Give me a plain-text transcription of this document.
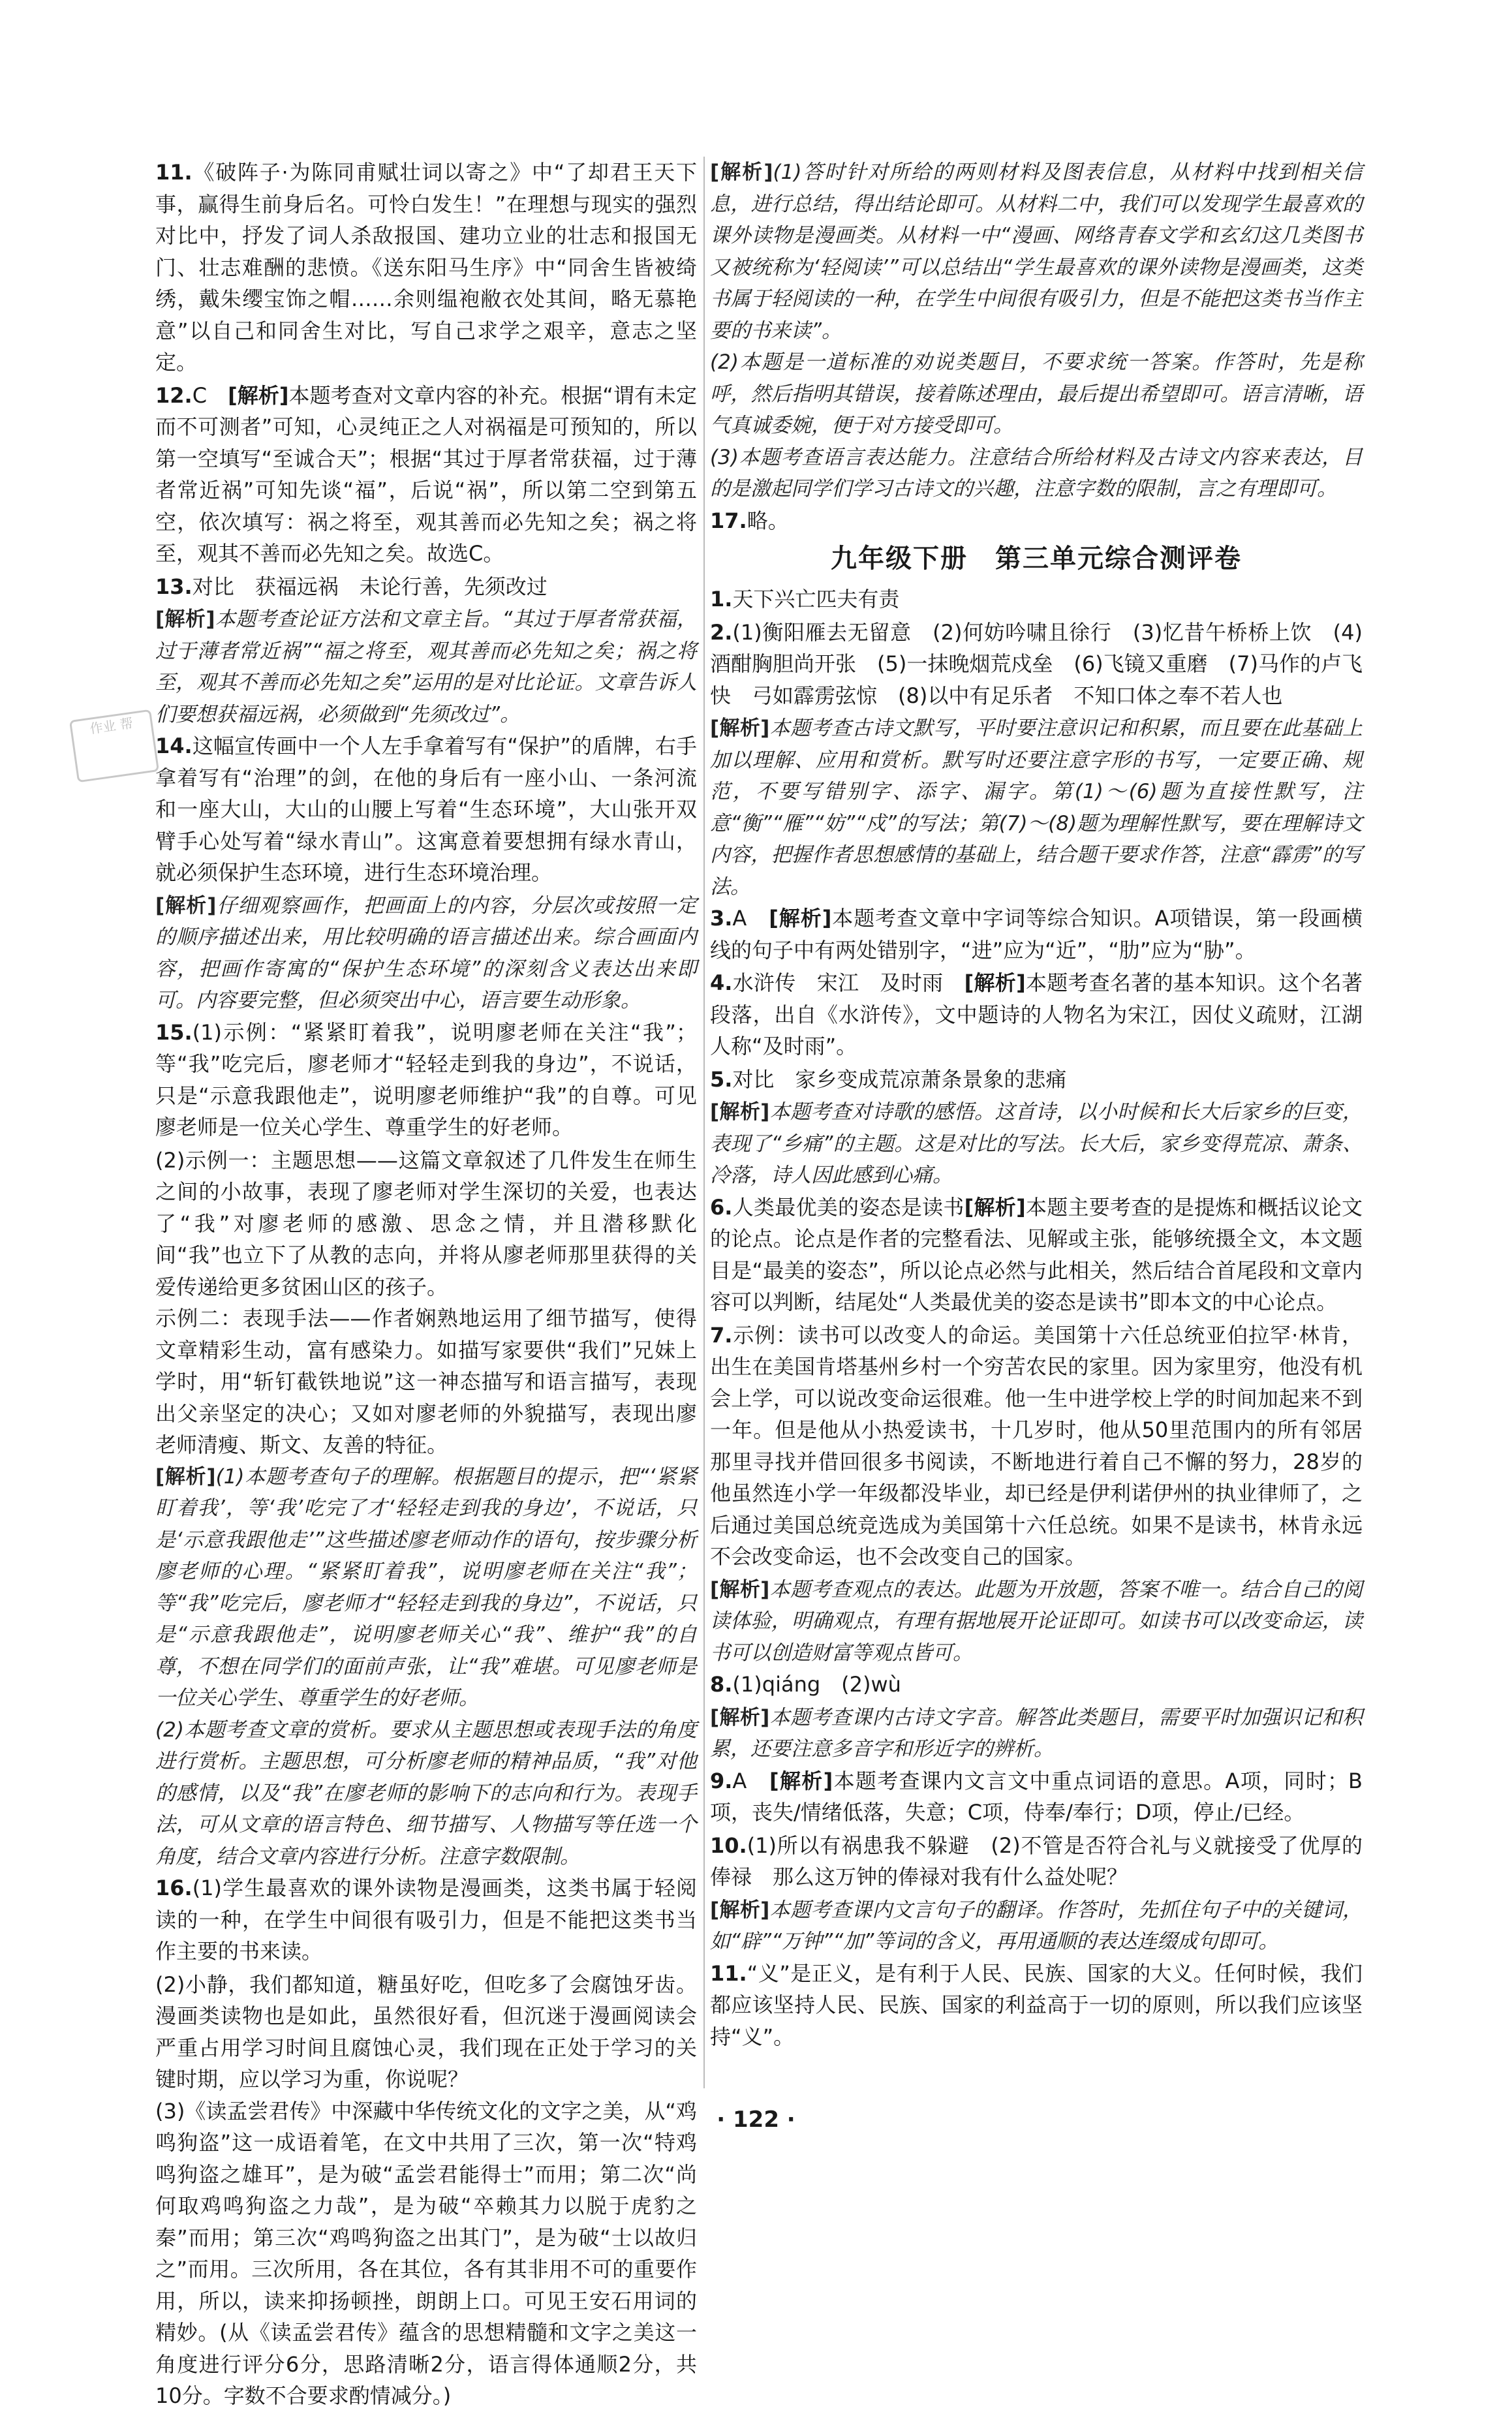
作业 帮

11.《破阵子·为陈同甫赋壮词以寄之》中“了却君王天下事，赢得生前身后名。可怜白发生！”在理想与现实的强烈对比中，抒发了词人杀敌报国、建功立业的壮志和报国无门、壮志难酬的悲愤。《送东阳马生序》中“同舍生皆被绮绣，戴朱缨宝饰之帽……余则缊袍敝衣处其间，略无慕艳意”以自己和同舍生对比，写自己求学之艰辛，意志之坚定。

12.C　[解析]本题考查对文章内容的补充。根据“谓有未定而不可测者”可知，心灵纯正之人对祸福是可预知的，所以第一空填写“至诚合天”；根据“其过于厚者常获福，过于薄者常近祸”可知先谈“福”，后说“祸”，所以第二空到第五空，依次填写：祸之将至，观其善而必先知之矣；祸之将至，观其不善而必先知之矣。故选C。

13.对比　获福远祸　未论行善，先须改过

[解析]本题考查论证方法和文章主旨。“其过于厚者常获福，过于薄者常近祸”“福之将至，观其善而必先知之矣；祸之将至，观其不善而必先知之矣”运用的是对比论证。文章告诉人们要想获福远祸，必须做到“先须改过”。

14.这幅宣传画中一个人左手拿着写有“保护”的盾牌，右手拿着写有“治理”的剑，在他的身后有一座小山、一条河流和一座大山，大山的山腰上写着“生态环境”，大山张开双臂手心处写着“绿水青山”。这寓意着要想拥有绿水青山，就必须保护生态环境，进行生态环境治理。

[解析]仔细观察画作，把画面上的内容，分层次或按照一定的顺序描述出来，用比较明确的语言描述出来。综合画面内容，把画作寄寓的“保护生态环境”的深刻含义表达出来即可。内容要完整，但必须突出中心，语言要生动形象。

15.(1)示例：“紧紧盯着我”，说明廖老师在关注“我”；等“我”吃完后，廖老师才“轻轻走到我的身边”，不说话，只是“示意我跟他走”，说明廖老师维护“我”的自尊。可见廖老师是一位关心学生、尊重学生的好老师。

(2)示例一：主题思想——这篇文章叙述了几件发生在师生之间的小故事，表现了廖老师对学生深切的关爱，也表达了“我”对廖老师的感激、思念之情，并且潜移默化间“我”也立下了从教的志向，并将从廖老师那里获得的关爱传递给更多贫困山区的孩子。

示例二：表现手法——作者娴熟地运用了细节描写，使得文章精彩生动，富有感染力。如描写家要供“我们”兄妹上学时，用“斩钉截铁地说”这一神态描写和语言描写，表现出父亲坚定的决心；又如对廖老师的外貌描写，表现出廖老师清瘦、斯文、友善的特征。

[解析](1)本题考查句子的理解。根据题目的提示，把“‘紧紧盯着我’，等‘我’吃完了才‘轻轻走到我的身边’，不说话，只是‘示意我跟他走’”这些描述廖老师动作的语句，按步骤分析廖老师的心理。“紧紧盯着我”，说明廖老师在关注“我”；等“我”吃完后，廖老师才“轻轻走到我的身边”，不说话，只是“示意我跟他走”，说明廖老师关心“我”、维护“我”的自尊，不想在同学们的面前声张，让“我”难堪。可见廖老师是一位关心学生、尊重学生的好老师。

(2)本题考查文章的赏析。要求从主题思想或表现手法的角度进行赏析。主题思想，可分析廖老师的精神品质，“我”对他的感情，以及“我”在廖老师的影响下的志向和行为。表现手法，可从文章的语言特色、细节描写、人物描写等任选一个角度，结合文章内容进行分析。注意字数限制。

16.(1)学生最喜欢的课外读物是漫画类，这类书属于轻阅读的一种，在学生中间很有吸引力，但是不能把这类书当作主要的书来读。

(2)小静，我们都知道，糖虽好吃，但吃多了会腐蚀牙齿。漫画类读物也是如此，虽然很好看，但沉迷于漫画阅读会严重占用学习时间且腐蚀心灵，我们现在正处于学习的关键时期，应以学习为重，你说呢？

(3)《读孟尝君传》中深藏中华传统文化的文字之美，从“鸡鸣狗盗”这一成语着笔，在文中共用了三次，第一次“特鸡鸣狗盗之雄耳”，是为破“孟尝君能得士”而用；第二次“尚何取鸡鸣狗盗之力哉”，是为破“卒赖其力以脱于虎豹之秦”而用；第三次“鸡鸣狗盗之出其门”，是为破“士以故归之”而用。三次所用，各在其位，各有其非用不可的重要作用，所以，读来抑扬顿挫，朗朗上口。可见王安石用词的精妙。(从《读孟尝君传》蕴含的思想精髓和文字之美这一角度进行评分6分，思路清晰2分，语言得体通顺2分，共10分。字数不合要求酌情减分。)

[解析](1)答时针对所给的两则材料及图表信息，从材料中找到相关信息，进行总结，得出结论即可。从材料二中，我们可以发现学生最喜欢的课外读物是漫画类。从材料一中“漫画、网络青春文学和玄幻这几类图书又被统称为‘轻阅读’”可以总结出“学生最喜欢的课外读物是漫画类，这类书属于轻阅读的一种，在学生中间很有吸引力，但是不能把这类书当作主要的书来读”。

(2)本题是一道标准的劝说类题目，不要求统一答案。作答时，先是称呼，然后指明其错误，接着陈述理由，最后提出希望即可。语言清晰，语气真诚委婉，便于对方接受即可。

(3)本题考查语言表达能力。注意结合所给材料及古诗文内容来表达，目的是激起同学们学习古诗文的兴趣，注意字数的限制，言之有理即可。

17.略。

九年级下册　第三单元综合测评卷

1.天下兴亡匹夫有责

2.(1)衡阳雁去无留意　(2)何妨吟啸且徐行　(3)忆昔午桥桥上饮　(4)酒酣胸胆尚开张　(5)一抹晚烟荒戍垒　(6)飞镜又重磨　(7)马作的卢飞快　弓如霹雳弦惊　(8)以中有足乐者　不知口体之奉不若人也

[解析]本题考查古诗文默写，平时要注意识记和积累，而且要在此基础上加以理解、应用和赏析。默写时还要注意字形的书写，一定要正确、规范，不要写错别字、添字、漏字。第(1)～(6)题为直接性默写，注意“衡”“雁”“妨”“戍”的写法；第(7)～(8)题为理解性默写，要在理解诗文内容，把握作者思想感情的基础上，结合题干要求作答，注意“霹雳”的写法。

3.A　[解析]本题考查文章中字词等综合知识。A项错误，第一段画横线的句子中有两处错别字，“进”应为“近”，“肋”应为“胁”。

4.水浒传　宋江　及时雨　[解析]本题考查名著的基本知识。这个名著段落，出自《水浒传》，文中题诗的人物名为宋江，因仗义疏财，江湖人称“及时雨”。

5.对比　家乡变成荒凉萧条景象的悲痛

[解析]本题考查对诗歌的感悟。这首诗，以小时候和长大后家乡的巨变，表现了“乡痛”的主题。这是对比的写法。长大后，家乡变得荒凉、萧条、冷落，诗人因此感到心痛。

6.人类最优美的姿态是读书[解析]本题主要考查的是提炼和概括议论文的论点。论点是作者的完整看法、见解或主张，能够统摄全文，本文题目是“最美的姿态”，所以论点必然与此相关，然后结合首尾段和文章内容可以判断，结尾处“人类最优美的姿态是读书”即本文的中心论点。

7.示例：读书可以改变人的命运。美国第十六任总统亚伯拉罕·林肯，出生在美国肯塔基州乡村一个穷苦农民的家里。因为家里穷，他没有机会上学，可以说改变命运很难。他一生中进学校上学的时间加起来不到一年。但是他从小热爱读书，十几岁时，他从50里范围内的所有邻居那里寻找并借回很多书阅读，不断地进行着自己不懈的努力，28岁的他虽然连小学一年级都没毕业，却已经是伊利诺伊州的执业律师了，之后通过美国总统竞选成为美国第十六任总统。如果不是读书，林肯永远不会改变命运，也不会改变自己的国家。

[解析]本题考查观点的表达。此题为开放题，答案不唯一。结合自己的阅读体验，明确观点，有理有据地展开论证即可。如读书可以改变命运，读书可以创造财富等观点皆可。

8.(1)qiáng　(2)wù

[解析]本题考查课内古诗文字音。解答此类题目，需要平时加强识记和积累，还要注意多音字和形近字的辨析。

9.A　[解析]本题考查课内文言文中重点词语的意思。A项，同时；B项，丧失/情绪低落，失意；C项，侍奉/奉行；D项，停止/已经。

10.(1)所以有祸患我不躲避　(2)不管是否符合礼与义就接受了优厚的俸禄　那么这万钟的俸禄对我有什么益处呢？

[解析]本题考查课内文言句子的翻译。作答时，先抓住句子中的关键词，如“辟”“万钟”“加”等词的含义，再用通顺的表达连缀成句即可。

11.“义”是正义，是有利于人民、民族、国家的大义。任何时候，我们都应该坚持人民、民族、国家的利益高于一切的原则，所以我们应该坚持“义”。

· 122 ·
